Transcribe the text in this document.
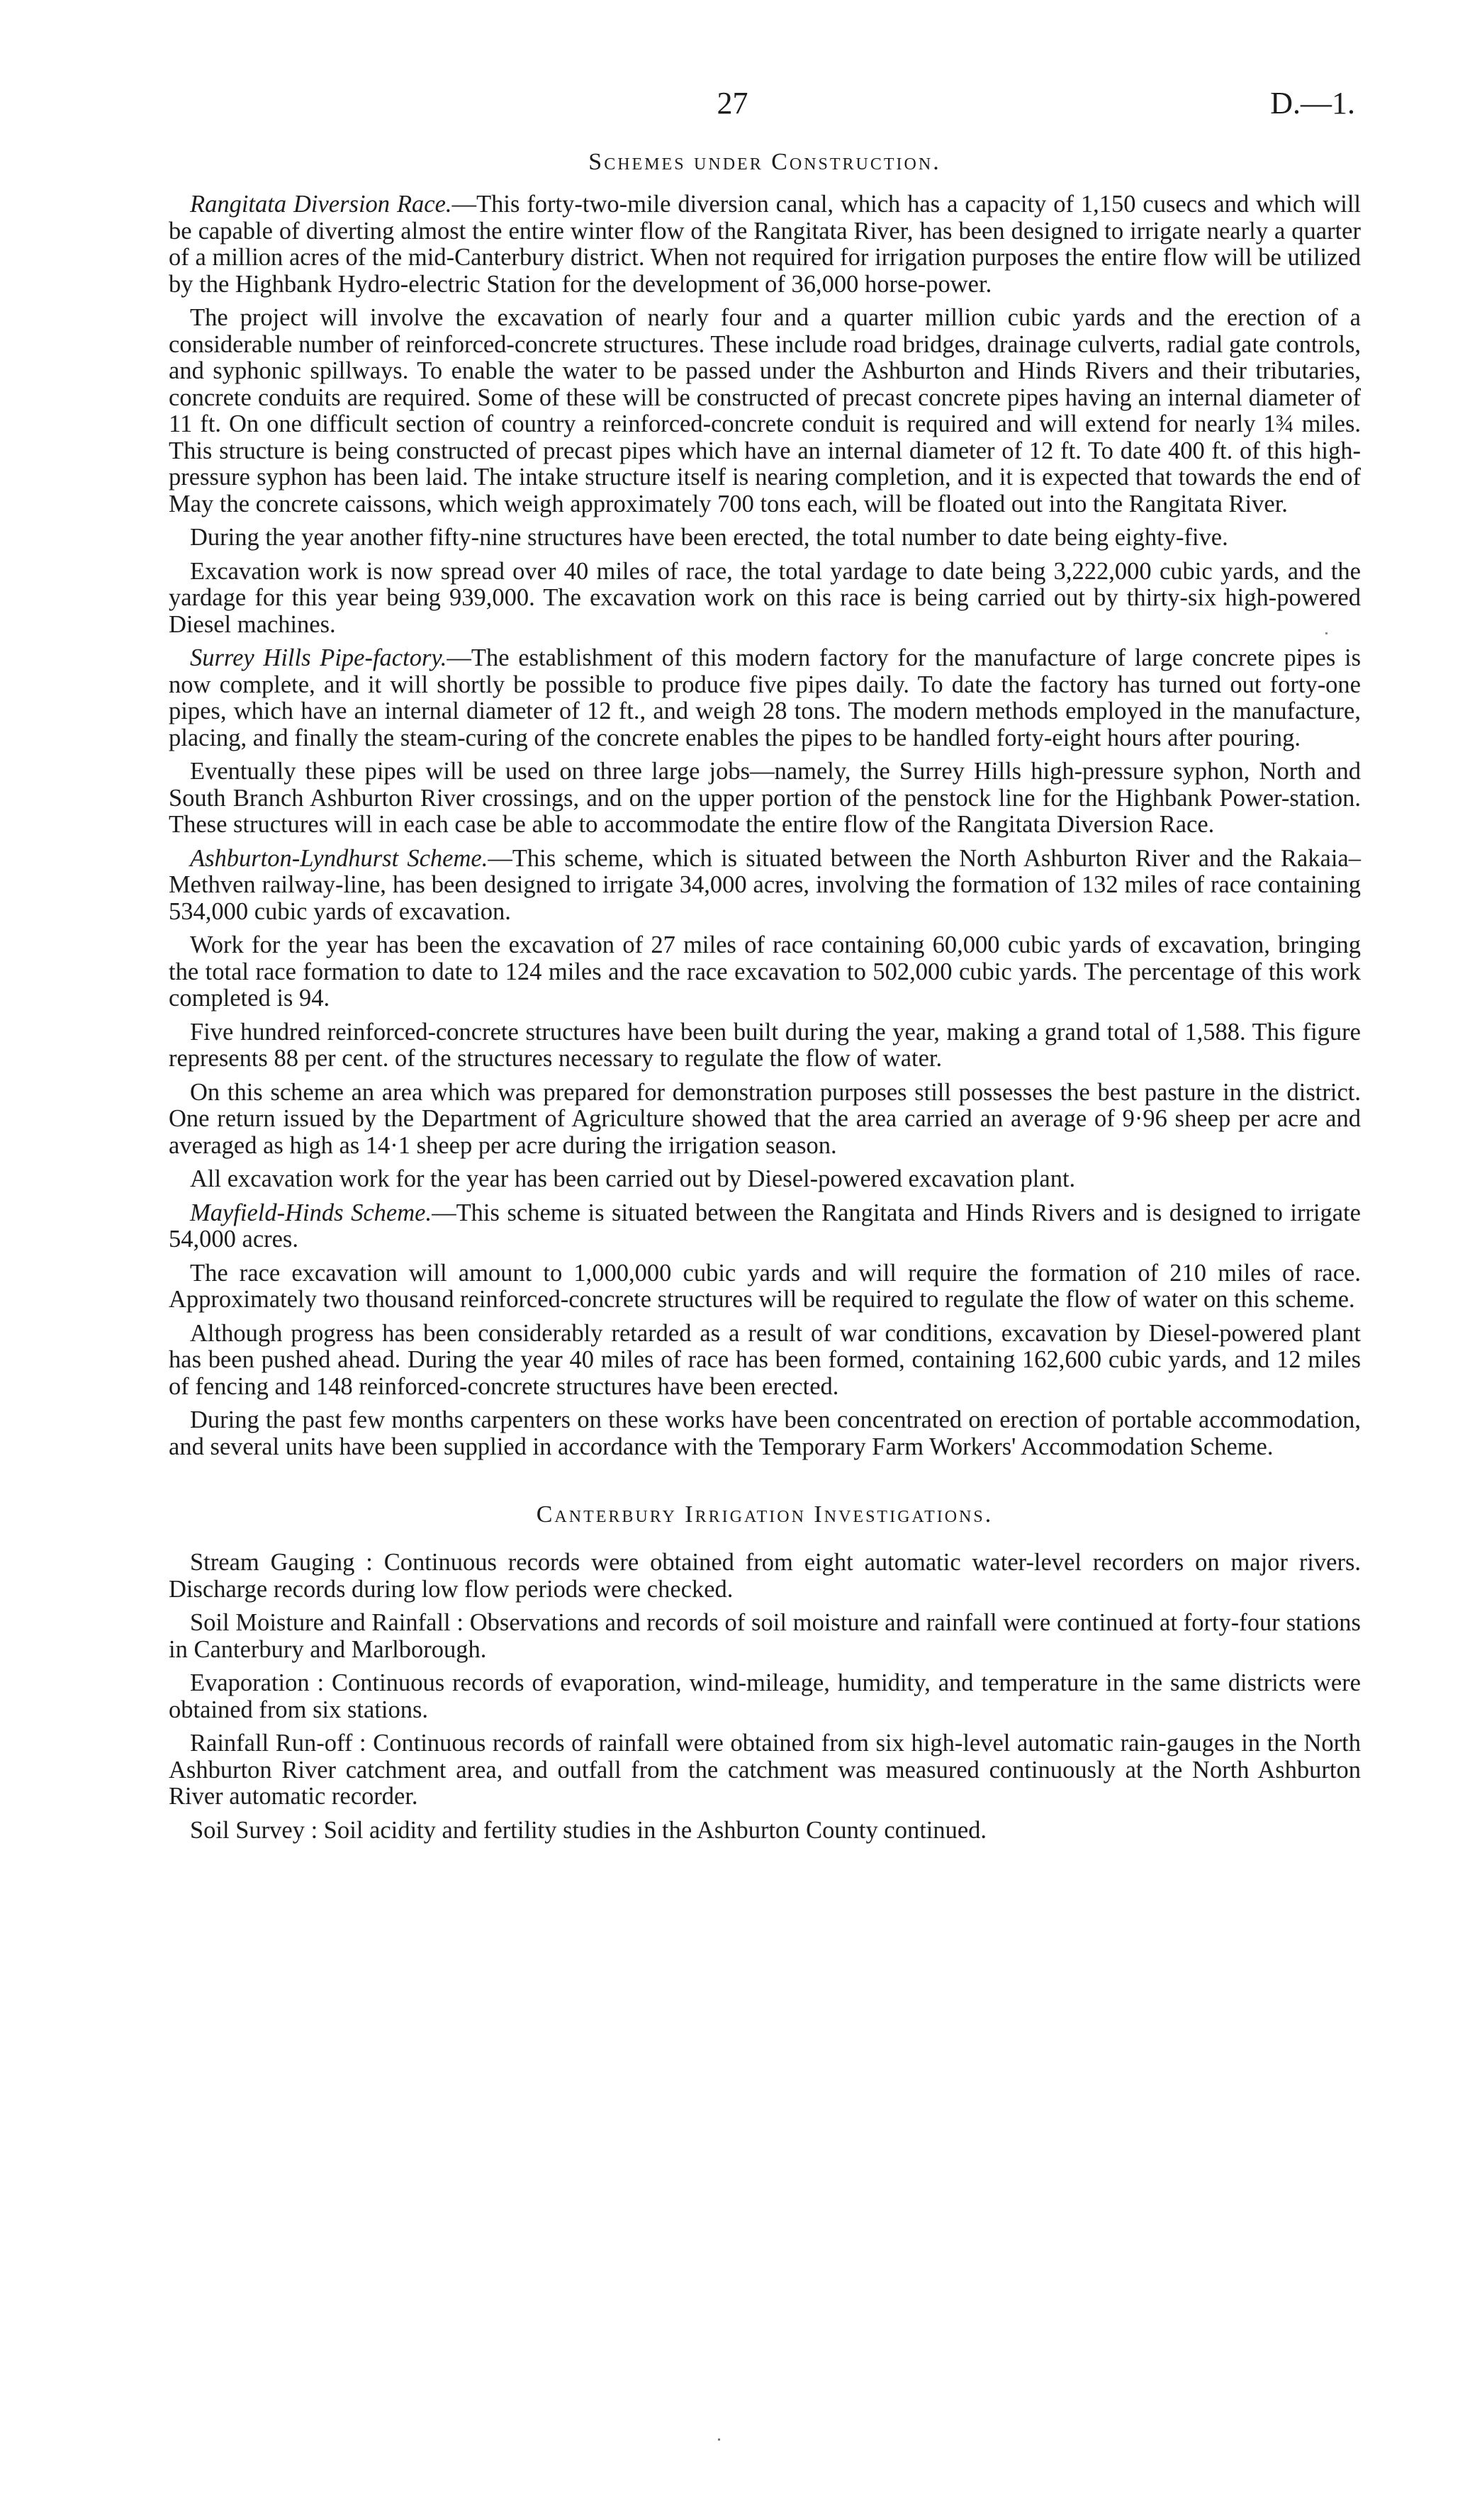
27	D.—1.
Schemes under Construction.

Rangitata Diversion Race.—This forty-two-mile diversion canal, which has a capacity of 1,150 cusecs and which will be capable of diverting almost the entire winter flow of the Rangitata River, has been designed to irrigate nearly a quarter of a million acres of the mid-Canterbury district. When not required for irrigation purposes the entire flow will be utilized by the Highbank Hydro-electric Station for the development of 36,000 horse-power.

The project will involve the excavation of nearly four and a quarter million cubic yards and the erection of a considerable number of reinforced-concrete structures. These include road bridges, drainage culverts, radial gate controls, and syphonic spillways. To enable the water to be passed under the Ashburton and Hinds Rivers and their tributaries, concrete conduits are required. Some of these will be constructed of precast concrete pipes having an internal diameter of 11 ft. On one difficult section of country a reinforced-concrete conduit is required and will extend for nearly 1¾ miles. This structure is being constructed of precast pipes which have an internal diameter of 12 ft. To date 400 ft. of this high-pressure syphon has been laid. The intake structure itself is nearing completion, and it is expected that towards the end of May the concrete caissons, which weigh approximately 700 tons each, will be floated out into the Rangitata River.

During the year another fifty-nine structures have been erected, the total number to date being eighty-five.

Excavation work is now spread over 40 miles of race, the total yardage to date being 3,222,000 cubic yards, and the yardage for this year being 939,000. The excavation work on this race is being carried out by thirty-six high-powered Diesel machines.

Surrey Hills Pipe-factory.—The establishment of this modern factory for the manufacture of large concrete pipes is now complete, and it will shortly be possible to produce five pipes daily. To date the factory has turned out forty-one pipes, which have an internal diameter of 12 ft., and weigh 28 tons. The modern methods employed in the manufacture, placing, and finally the steam-curing of the concrete enables the pipes to be handled forty-eight hours after pouring.

Eventually these pipes will be used on three large jobs—namely, the Surrey Hills high-pressure syphon, North and South Branch Ashburton River crossings, and on the upper portion of the penstock line for the Highbank Power-station. These structures will in each case be able to accommodate the entire flow of the Rangitata Diversion Race.

Ashburton-Lyndhurst Scheme.—This scheme, which is situated between the North Ashburton River and the Rakaia–Methven railway-line, has been designed to irrigate 34,000 acres, involving the formation of 132 miles of race containing 534,000 cubic yards of excavation.

Work for the year has been the excavation of 27 miles of race containing 60,000 cubic yards of excavation, bringing the total race formation to date to 124 miles and the race excavation to 502,000 cubic yards. The percentage of this work completed is 94.

Five hundred reinforced-concrete structures have been built during the year, making a grand total of 1,588. This figure represents 88 per cent. of the structures necessary to regulate the flow of water.

On this scheme an area which was prepared for demonstration purposes still possesses the best pasture in the district. One return issued by the Department of Agriculture showed that the area carried an average of 9·96 sheep per acre and averaged as high as 14·1 sheep per acre during the irrigation season.

All excavation work for the year has been carried out by Diesel-powered excavation plant.

Mayfield-Hinds Scheme.—This scheme is situated between the Rangitata and Hinds Rivers and is designed to irrigate 54,000 acres.

The race excavation will amount to 1,000,000 cubic yards and will require the formation of 210 miles of race. Approximately two thousand reinforced-concrete structures will be required to regulate the flow of water on this scheme.

Although progress has been considerably retarded as a result of war conditions, excavation by Diesel-powered plant has been pushed ahead. During the year 40 miles of race has been formed, containing 162,600 cubic yards, and 12 miles of fencing and 148 reinforced-concrete structures have been erected.

During the past few months carpenters on these works have been concentrated on erection of portable accommodation, and several units have been supplied in accordance with the Temporary Farm Workers' Accommodation Scheme.

Canterbury Irrigation Investigations.

Stream Gauging : Continuous records were obtained from eight automatic water-level recorders on major rivers. Discharge records during low flow periods were checked.

Soil Moisture and Rainfall : Observations and records of soil moisture and rainfall were continued at forty-four stations in Canterbury and Marlborough.

Evaporation : Continuous records of evaporation, wind-mileage, humidity, and temperature in the same districts were obtained from six stations.

Rainfall Run-off : Continuous records of rainfall were obtained from six high-level automatic rain-gauges in the North Ashburton River catchment area, and outfall from the catchment was measured continuously at the North Ashburton River automatic recorder.

Soil Survey : Soil acidity and fertility studies in the Ashburton County continued.
